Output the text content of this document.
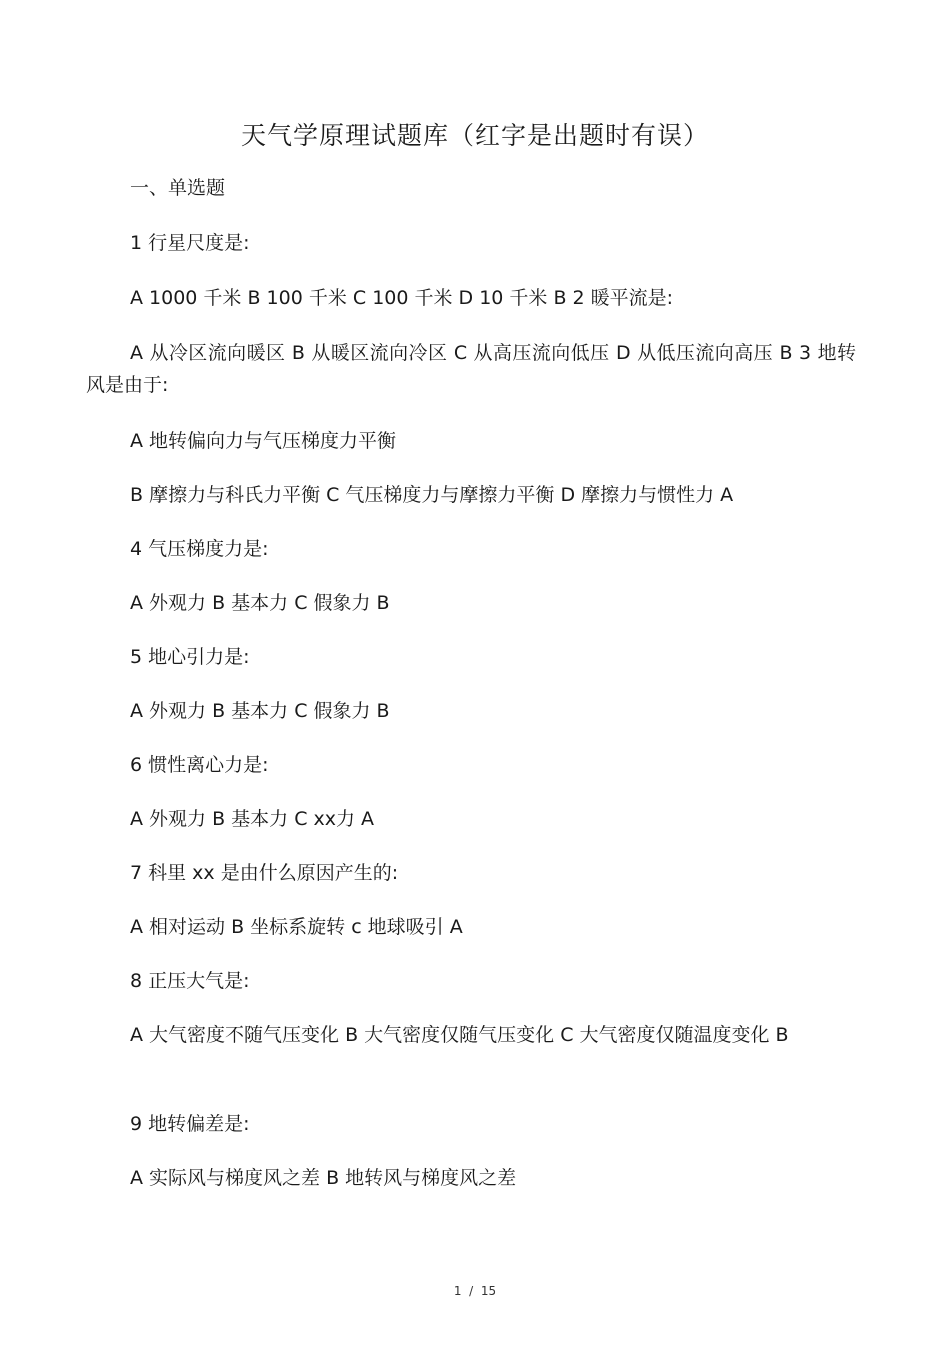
天气学原理试题库（红字是出题时有误）
一、单选题
1 行星尺度是:
A 1000 千米 B 100 千米 C 100 千米 D 10 千米 B 2 暖平流是:
A 从冷区流向暖区 B 从暖区流向冷区 C 从高压流向低压 D 从低压流向高压 B 3 地转风是由于:
A 地转偏向力与气压梯度力平衡
B 摩擦力与科氏力平衡 C 气压梯度力与摩擦力平衡 D 摩擦力与惯性力 A
4 气压梯度力是:
A 外观力 B 基本力 C 假象力 B
5 地心引力是:
A 外观力 B 基本力 C 假象力 B
6 惯性离心力是:
A 外观力 B 基本力 C xx力 A
7 科里 xx 是由什么原因产生的:
A 相对运动 B 坐标系旋转 c 地球吸引 A
8 正压大气是:
A 大气密度不随气压变化 B 大气密度仅随气压变化 C 大气密度仅随温度变化 B
9 地转偏差是:
A 实际风与梯度风之差 B 地转风与梯度风之差
1  /  15
